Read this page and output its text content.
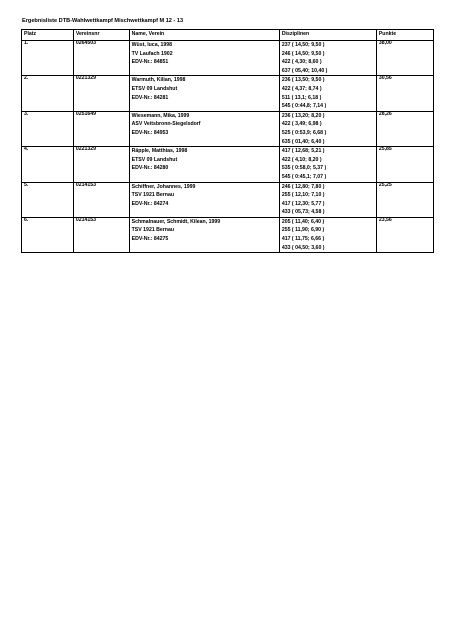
Ergebnisliste DTB-Wahlwettkampf Mischwettkampf M 12 - 13
Platz	Vereinsnr	Name, Verein	Disziplinen	Punkte
1.	0264503	Wüst, luca, 1998
TV Laufach 1902
EDV-Nr.: 84851	237 ( 14,50; 9,50 )
246 ( 14,50; 9,50 )
422 ( 4,30; 8,60 )
637 ( 05,40; 10,40 )	38,00
2.	0221329	Warmuth, Kilian, 1998
ETSV 09 Landshut
EDV-Nr.: 84281	236 ( 13,50; 9,50 )
422 ( 4,37; 8,74 )
511 ( 13,1; 6,18 )
545 ( 0:44,8; 7,14 )	30,56
3.	0251649	Wiesemann, Mika, 1999
ASV Veitsbronn-Siegelsdorf
EDV-Nr.: 84953	236 ( 13,20; 8,20 )
422 ( 3,49; 6,98 )
525 ( 0:53,9; 6,68 )
635 ( 01,40; 6,40 )	28,26
4.	0221329	Räpple, Matthias, 1998
ETSV 09 Landshut
EDV-Nr.: 84280	417 ( 12,68; 5,21 )
422 ( 4,10; 8,20 )
535 ( 0:58,0; 5,37 )
545 ( 0:45,1; 7,07 )	25,85
5.	0214153	Schiffner, Johannes, 1999
TSV 1921 Bernau
EDV-Nr.: 84274	246 ( 12,80; 7,80 )
255 ( 12,10; 7,10 )
417 ( 12,30; 5,77 )
433 ( 05,73; 4,58 )	25,25
6.	0214153	Schmalnauer, Schmidt, Kilean, 1999
TSV 1921 Bernau
EDV-Nr.: 84275	205 ( 11,40; 6,40 )
255 ( 11,90; 6,90 )
417 ( 11,75; 6,66 )
433 ( 04,50; 3,60 )	23,56
